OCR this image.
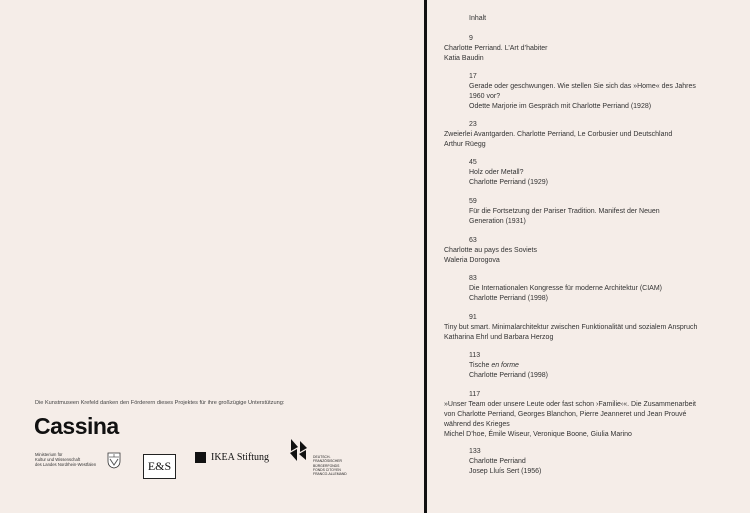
Die Kunstmuseen Krefeld danken den Förderern dieses Projektes für ihre großzügige Unterstützung:
Cassina
Ministerium für
Kultur und Wissenschaft
des Landes Nordrhein-Westfalen	E&S
IKEA Stiftung	DEUTSCH-
FRANZÖSISCHER
BÜRGERFONDS
FONDS CITOYEN
FRANCO-ALLEMAND
Inhalt
9
Charlotte Perriand. L’Art d’habiter
Katia Baudin
17
Gerade oder geschwungen. Wie stellen Sie sich das »Home« des Jahres
1960 vor?
Odette Marjorie im Gespräch mit Charlotte Perriand (1928)
23
Zweierlei Avantgarden. Charlotte Perriand, Le Corbusier und Deutschland
Arthur Rüegg
45
Holz oder Metall?
Charlotte Perriand (1929)
59
Für die Fortsetzung der Pariser Tradition. Manifest der Neuen
Generation (1931)
63
Charlotte au pays des Soviets
Waleria Dorogova
83
Die Internationalen Kongresse für moderne Architektur (CIAM)
Charlotte Perriand (1998)
91
Tiny but smart. Minimalarchitektur zwischen Funktionalität und sozialem Anspruch
Katharina Ehrl und Barbara Herzog
113
Tische en forme
Charlotte Perriand (1998)
117
»Unser Team oder unsere Leute oder fast schon ›Familie‹«. Die Zusammenarbeit
von Charlotte Perriand, Georges Blanchon, Pierre Jeanneret und Jean Prouvé
während des Krieges
Michel D’hoe, Émile Wiseur, Veronique Boone, Giulia Marino
133
Charlotte Perriand
Josep Lluís Sert (1956)
